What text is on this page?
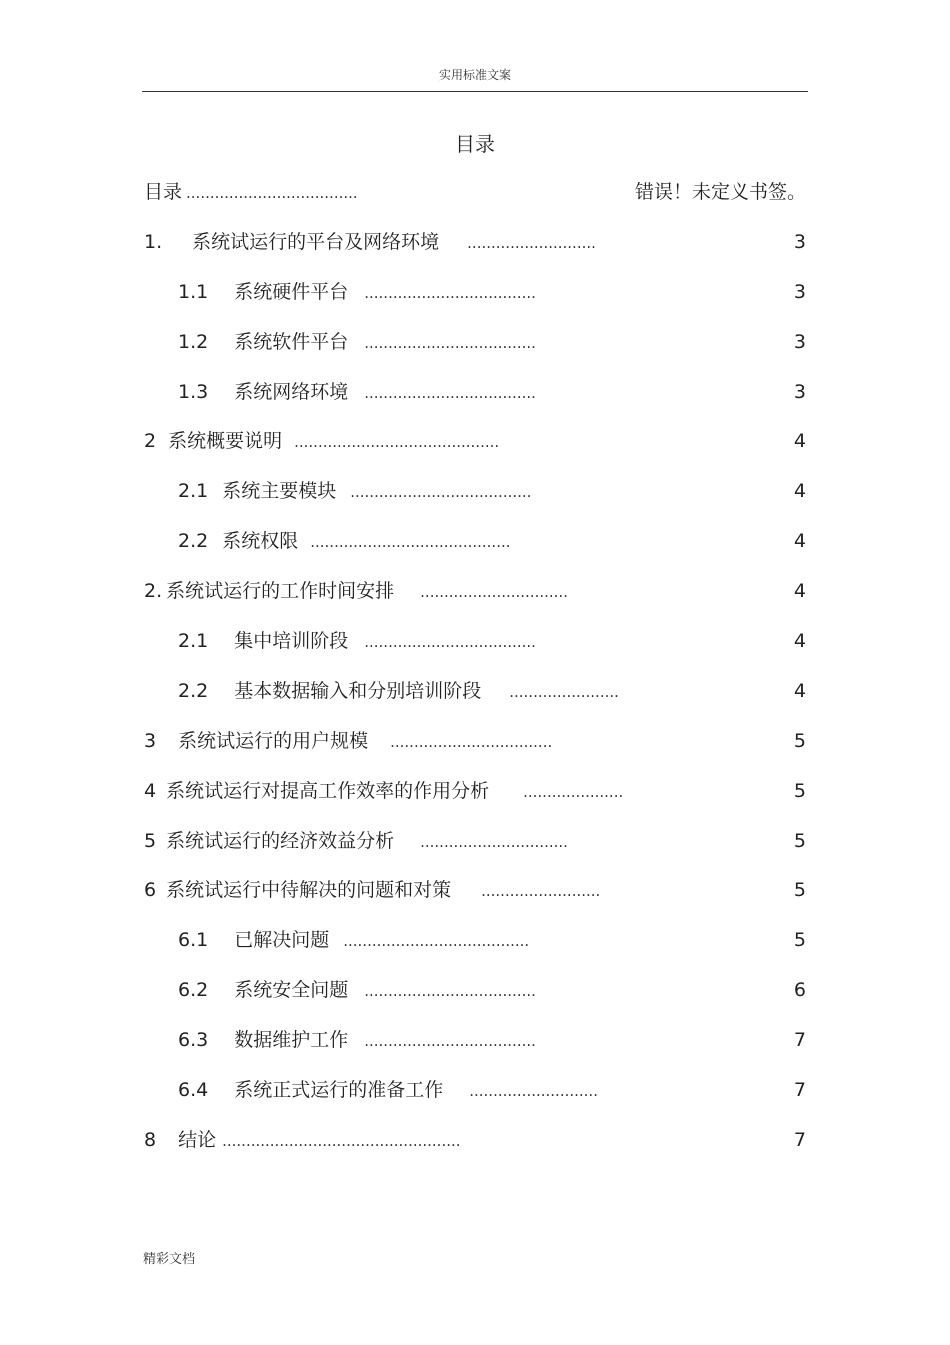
实用标准文案
目录
目录 ....................................	错误！未定义书签。
1. 系统试运行的平台及网络环境 ...........................	3
1.1 系统硬件平台 ....................................	3
1.2 系统软件平台 ....................................	3
1.3 系统网络环境 ....................................	3
2 系统概要说明 ...........................................	4
2.1 系统主要模块 ......................................	4
2.2 系统权限 ..........................................	4
2. 系统试运行的工作时间安排 ...............................	4
2.1 集中培训阶段 ....................................	4
2.2 基本数据输入和分别培训阶段 .......................	4
3 系统试运行的用户规模 ..................................	5
4 系统试运行对提高工作效率的作用分析 .....................	5
5 系统试运行的经济效益分析 ...............................	5
6 系统试运行中待解决的问题和对策 .........................	5
6.1 已解决问题 .......................................	5
6.2 系统安全问题 ....................................	6
6.3 数据维护工作 ....................................	7
6.4 系统正式运行的准备工作 ...........................	7
8 结论 ..................................................	7
精彩文档
